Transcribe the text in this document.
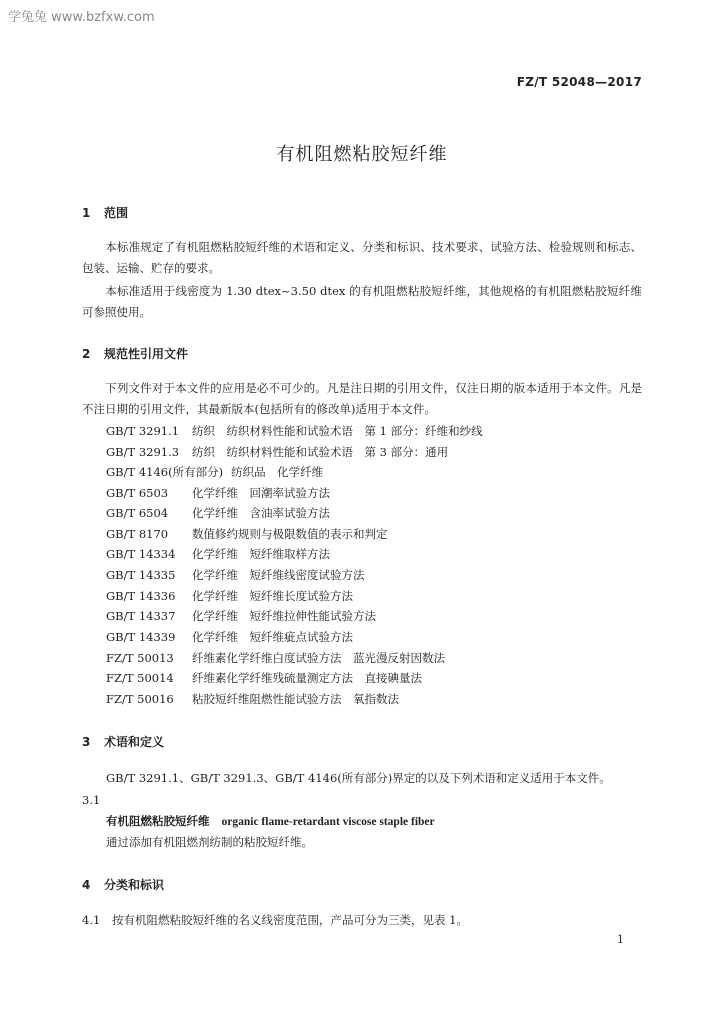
学兔兔 www.bzfxw.com
FZ/T 52048—2017
有机阻燃粘胶短纤维
1 范围
本标准规定了有机阻燃粘胶短纤维的术语和定义、分类和标识、技术要求、试验方法、检验规则和标志、包装、运输、贮存的要求。
本标准适用于线密度为 1.30 dtex~3.50 dtex 的有机阻燃粘胶短纤维，其他规格的有机阻燃粘胶短纤维可参照使用。
2 规范性引用文件
下列文件对于本文件的应用是必不可少的。凡是注日期的引用文件，仅注日期的版本适用于本文件。凡是不注日期的引用文件，其最新版本(包括所有的修改单)适用于本文件。
GB/T 3291.1 纺织　纺织材料性能和试验术语　第 1 部分：纤维和纱线
GB/T 3291.3 纺织　纺织材料性能和试验术语　第 3 部分：通用
GB/T 4146(所有部分) 纺织品　化学纤维
GB/T 6503 化学纤维　回潮率试验方法
GB/T 6504 化学纤维　含油率试验方法
GB/T 8170 数值修约规则与极限数值的表示和判定
GB/T 14334 化学纤维　短纤维取样方法
GB/T 14335 化学纤维　短纤维线密度试验方法
GB/T 14336 化学纤维　短纤维长度试验方法
GB/T 14337 化学纤维　短纤维拉伸性能试验方法
GB/T 14339 化学纤维　短纤维疵点试验方法
FZ/T 50013 纤维素化学纤维白度试验方法　蓝光漫反射因数法
FZ/T 50014 纤维素化学纤维残硫量测定方法　直接碘量法
FZ/T 50016 粘胶短纤维阻燃性能试验方法　氧指数法
3 术语和定义
GB/T 3291.1、GB/T 3291.3、GB/T 4146(所有部分)界定的以及下列术语和定义适用于本文件。
3.1
有机阻燃粘胶短纤维 organic flame-retardant viscose staple fiber
通过添加有机阻燃剂纺制的粘胶短纤维。
4 分类和标识
4.1 按有机阻燃粘胶短纤维的名义线密度范围，产品可分为三类，见表 1。
1
